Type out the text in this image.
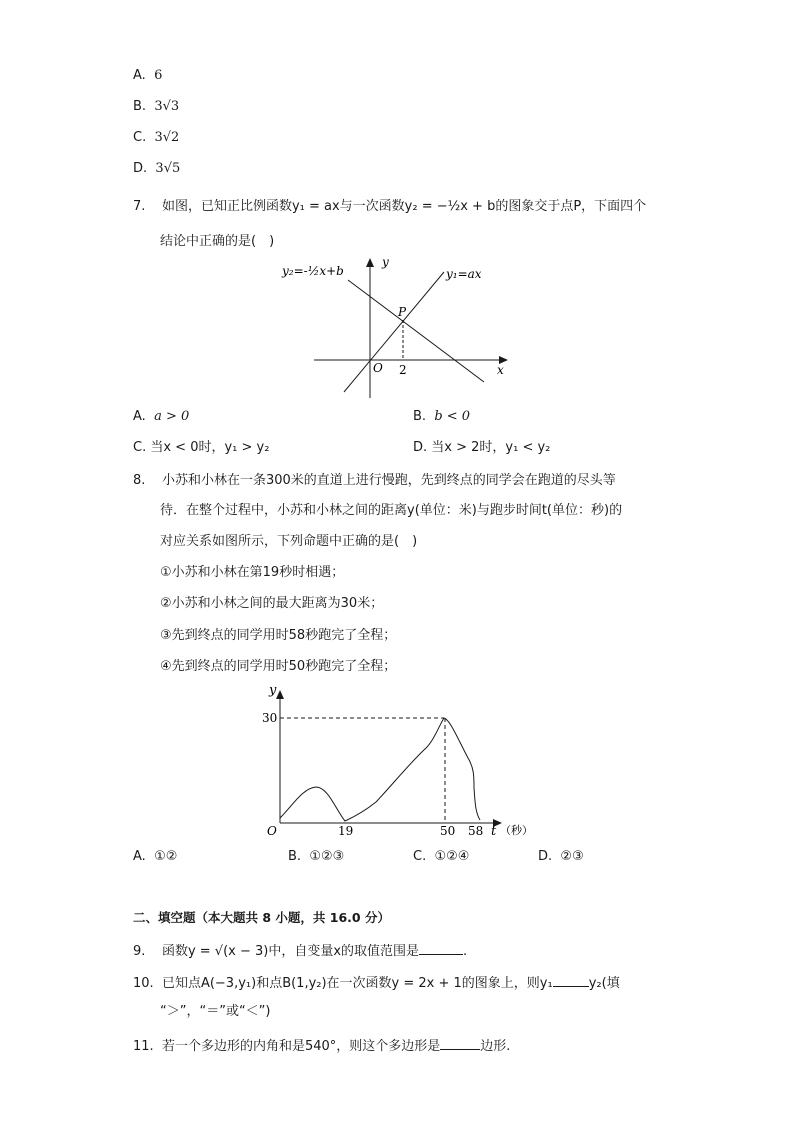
A. 6
B. 3√3
C. 3√2
D. 3√5
7. 如图，已知正比例函数y₁ = ax与一次函数y₂ = −½x + b的图象交于点P，下面四个
结论中正确的是(　)
y₂=-½x+b	y₁=ax
y
x
O
P
2
A. a > 0	B. b < 0
C. 当x < 0时，y₁ > y₂	D. 当x > 2时，y₁ < y₂
8. 小苏和小林在一条300米的直道上进行慢跑，先到终点的同学会在跑道的尽头等
待．在整个过程中，小苏和小林之间的距离y(单位：米)与跑步时间t(单位：秒)的
对应关系如图所示，下列命题中正确的是(　)
①小苏和小林在第19秒时相遇；
②小苏和小林之间的最大距离为30米；
③先到终点的同学用时58秒跑完了全程；
④先到终点的同学用时50秒跑完了全程；
y
30
O	19	50 58 t （秒）
A. ①②	B. ①②③	C. ①②④	D. ②③
二、填空题（本大题共 8 小题，共 16.0 分）
9. 函数y = √(x − 3)中，自变量x的取值范围是	.
10. 已知点A(−3,y₁)和点B(1,y₂)在一次函数y = 2x + 1的图象上，则y₁	y₂(填
“＞”，“＝”或“＜”)
11. 若一个多边形的内角和是540°，则这个多边形是	边形.
